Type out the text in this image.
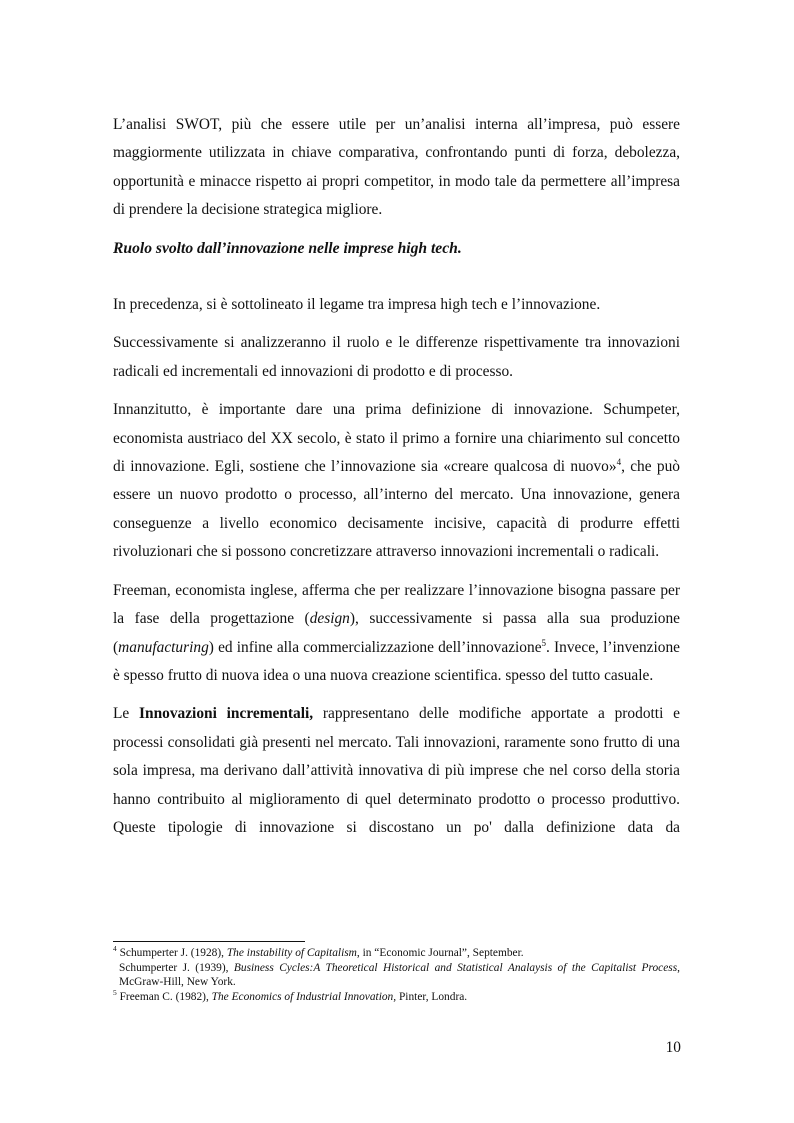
L’analisi SWOT, più che essere utile per un’analisi interna all’impresa, può essere maggiormente utilizzata in chiave comparativa, confrontando punti di forza, debolezza, opportunità e minacce rispetto ai propri competitor, in modo tale da permettere all’impresa di prendere la decisione strategica migliore.

Ruolo svolto dall’innovazione nelle imprese high tech.

In precedenza, si è sottolineato il legame tra impresa high tech e l’innovazione.

Successivamente si analizzeranno il ruolo e le differenze rispettivamente tra innovazioni radicali ed incrementali ed innovazioni di prodotto e di processo.

Innanzitutto, è importante dare una prima definizione di innovazione. Schumpeter, economista austriaco del XX secolo, è stato il primo a fornire una chiarimento sul concetto di innovazione. Egli, sostiene che l’innovazione sia «creare qualcosa di nuovo»$^4$, che può essere un nuovo prodotto o processo, all’interno del mercato. Una innovazione, genera conseguenze a livello economico decisamente incisive, capacità di produrre effetti rivoluzionari che si possono concretizzare attraverso innovazioni incrementali o radicali.

Freeman, economista inglese, afferma che per realizzare l’innovazione bisogna passare per la fase della progettazione (design), successivamente si passa alla sua produzione (manufacturing) ed infine alla commercializzazione dell’innovazione$^5$. Invece, l’invenzione è spesso frutto di nuova idea o una nuova creazione scientifica. spesso del tutto casuale.

Le Innovazioni incrementali, rappresentano delle modifiche apportate a prodotti e processi consolidati già presenti nel mercato. Tali innovazioni, raramente sono frutto di una sola impresa, ma derivano dall’attività innovativa di più imprese che nel corso della storia hanno contribuito al miglioramento di quel determinato prodotto o processo produttivo. Queste tipologie di innovazione si discostano un po' dalla definizione data da

$^4$ Schumperter J. (1928), The instability of Capitalism, in “Economic Journal”, September.

Schumperter J. (1939), Business Cycles:A Theoretical Historical and Statistical Analaysis of the Capitalist Process, McGraw-Hill, New York.

$^5$ Freeman C. (1982), The Economics of Industrial Innovation, Pinter, Londra.

10
